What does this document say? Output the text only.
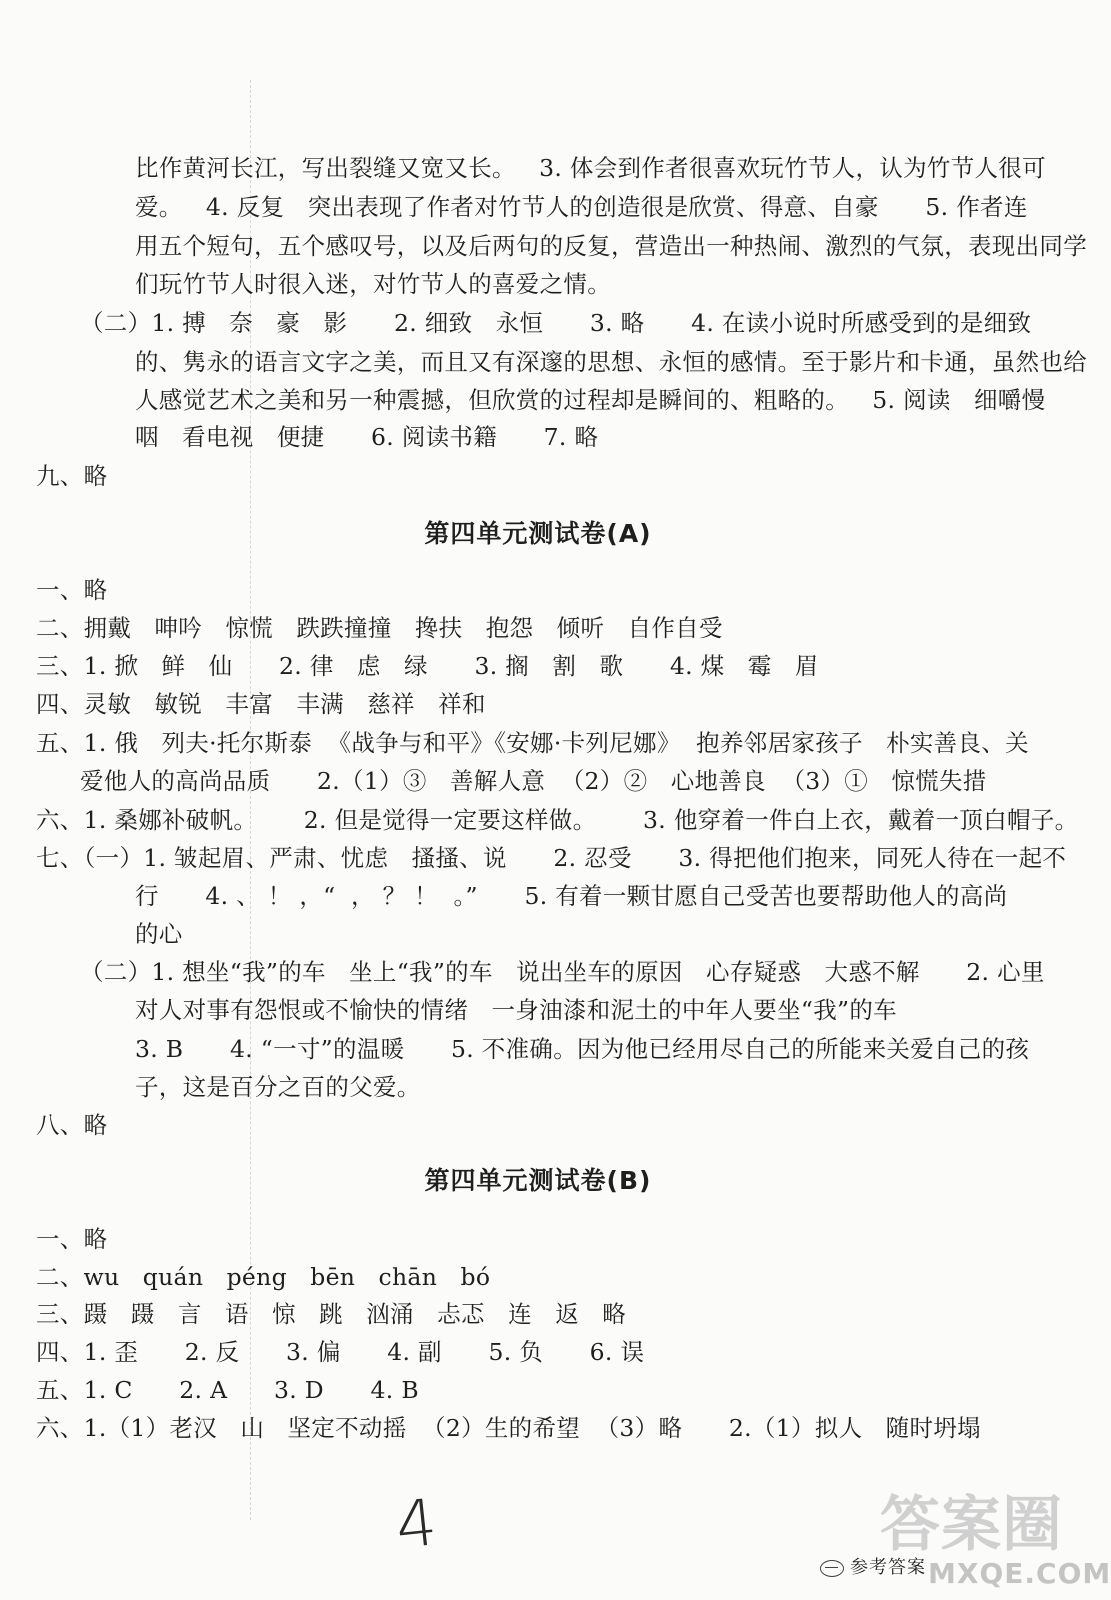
比作黄河长江，写出裂缝又宽又长。   3. 体会到作者很喜欢玩竹节人，认为竹节人很可
爱。   4. 反复   突出表现了作者对竹节人的创造很是欣赏、得意、自豪      5. 作者连
用五个短句，五个感叹号，以及后两句的反复，营造出一种热闹、激烈的气氛，表现出同学
们玩竹节人时很入迷，对竹节人的喜爱之情。
（二）1. 搏   奈   豪   影      2. 细致   永恒      3. 略      4. 在读小说时所感受到的是细致
的、隽永的语言文字之美，而且又有深邃的思想、永恒的感情。至于影片和卡通，虽然也给
人感觉艺术之美和另一种震撼，但欣赏的过程却是瞬间的、粗略的。   5. 阅读   细嚼慢
咽   看电视   便捷      6. 阅读书籍      7. 略
九、略
第四单元测试卷(A)
一、略
二、拥戴   呻吟   惊慌   跌跌撞撞   搀扶   抱怨   倾听   自作自受
三、1. 掀   鲜   仙      2. 律   虑   绿      3. 搁   割   歌      4. 煤   霉   眉
四、灵敏   敏锐   丰富   丰满   慈祥   祥和
五、1. 俄   列夫·托尔斯泰  《战争与和平》《安娜·卡列尼娜》  抱养邻居家孩子   朴实善良、关
爱他人的高尚品质      2.（1）③   善解人意  （2）②   心地善良  （3）①   惊慌失措
六、1. 桑娜补破帆。      2. 但是觉得一定要这样做。      3. 他穿着一件白上衣，戴着一顶白帽子。
七、（一）1. 皱起眉、严肃、忧虑   搔搔、说      2. 忍受      3. 得把他们抱来，同死人待在一起不
行      4. 、 ！ ，“  ， ？ ！  。”      5. 有着一颗甘愿自己受苦也要帮助他人的高尚
的心
（二）1. 想坐“我”的车   坐上“我”的车   说出坐车的原因   心存疑惑   大惑不解      2. 心里
对人对事有怨恨或不愉快的情绪   一身油漆和泥土的中年人要坐“我”的车
3. B      4. “一寸”的温暖      5. 不准确。因为他已经用尽自己的所能来关爱自己的孩
子，这是百分之百的父爱。
八、略
第四单元测试卷(B)
一、略
二、wu   quán   péng   bēn   chān   bó
三、蹑   蹑   言   语   惊   跳   汹涌   忐忑   连   返   略
四、1. 歪      2. 反      3. 偏      4. 副      5. 负      6. 误
五、1. C      2. A      3. D      4. B
六、1.（1）老汉   山   坚定不动摇  （2）生的希望  （3）略      2.（1）拟人   随时坍塌
4
参考答案
答案圈
MXQE.COM
